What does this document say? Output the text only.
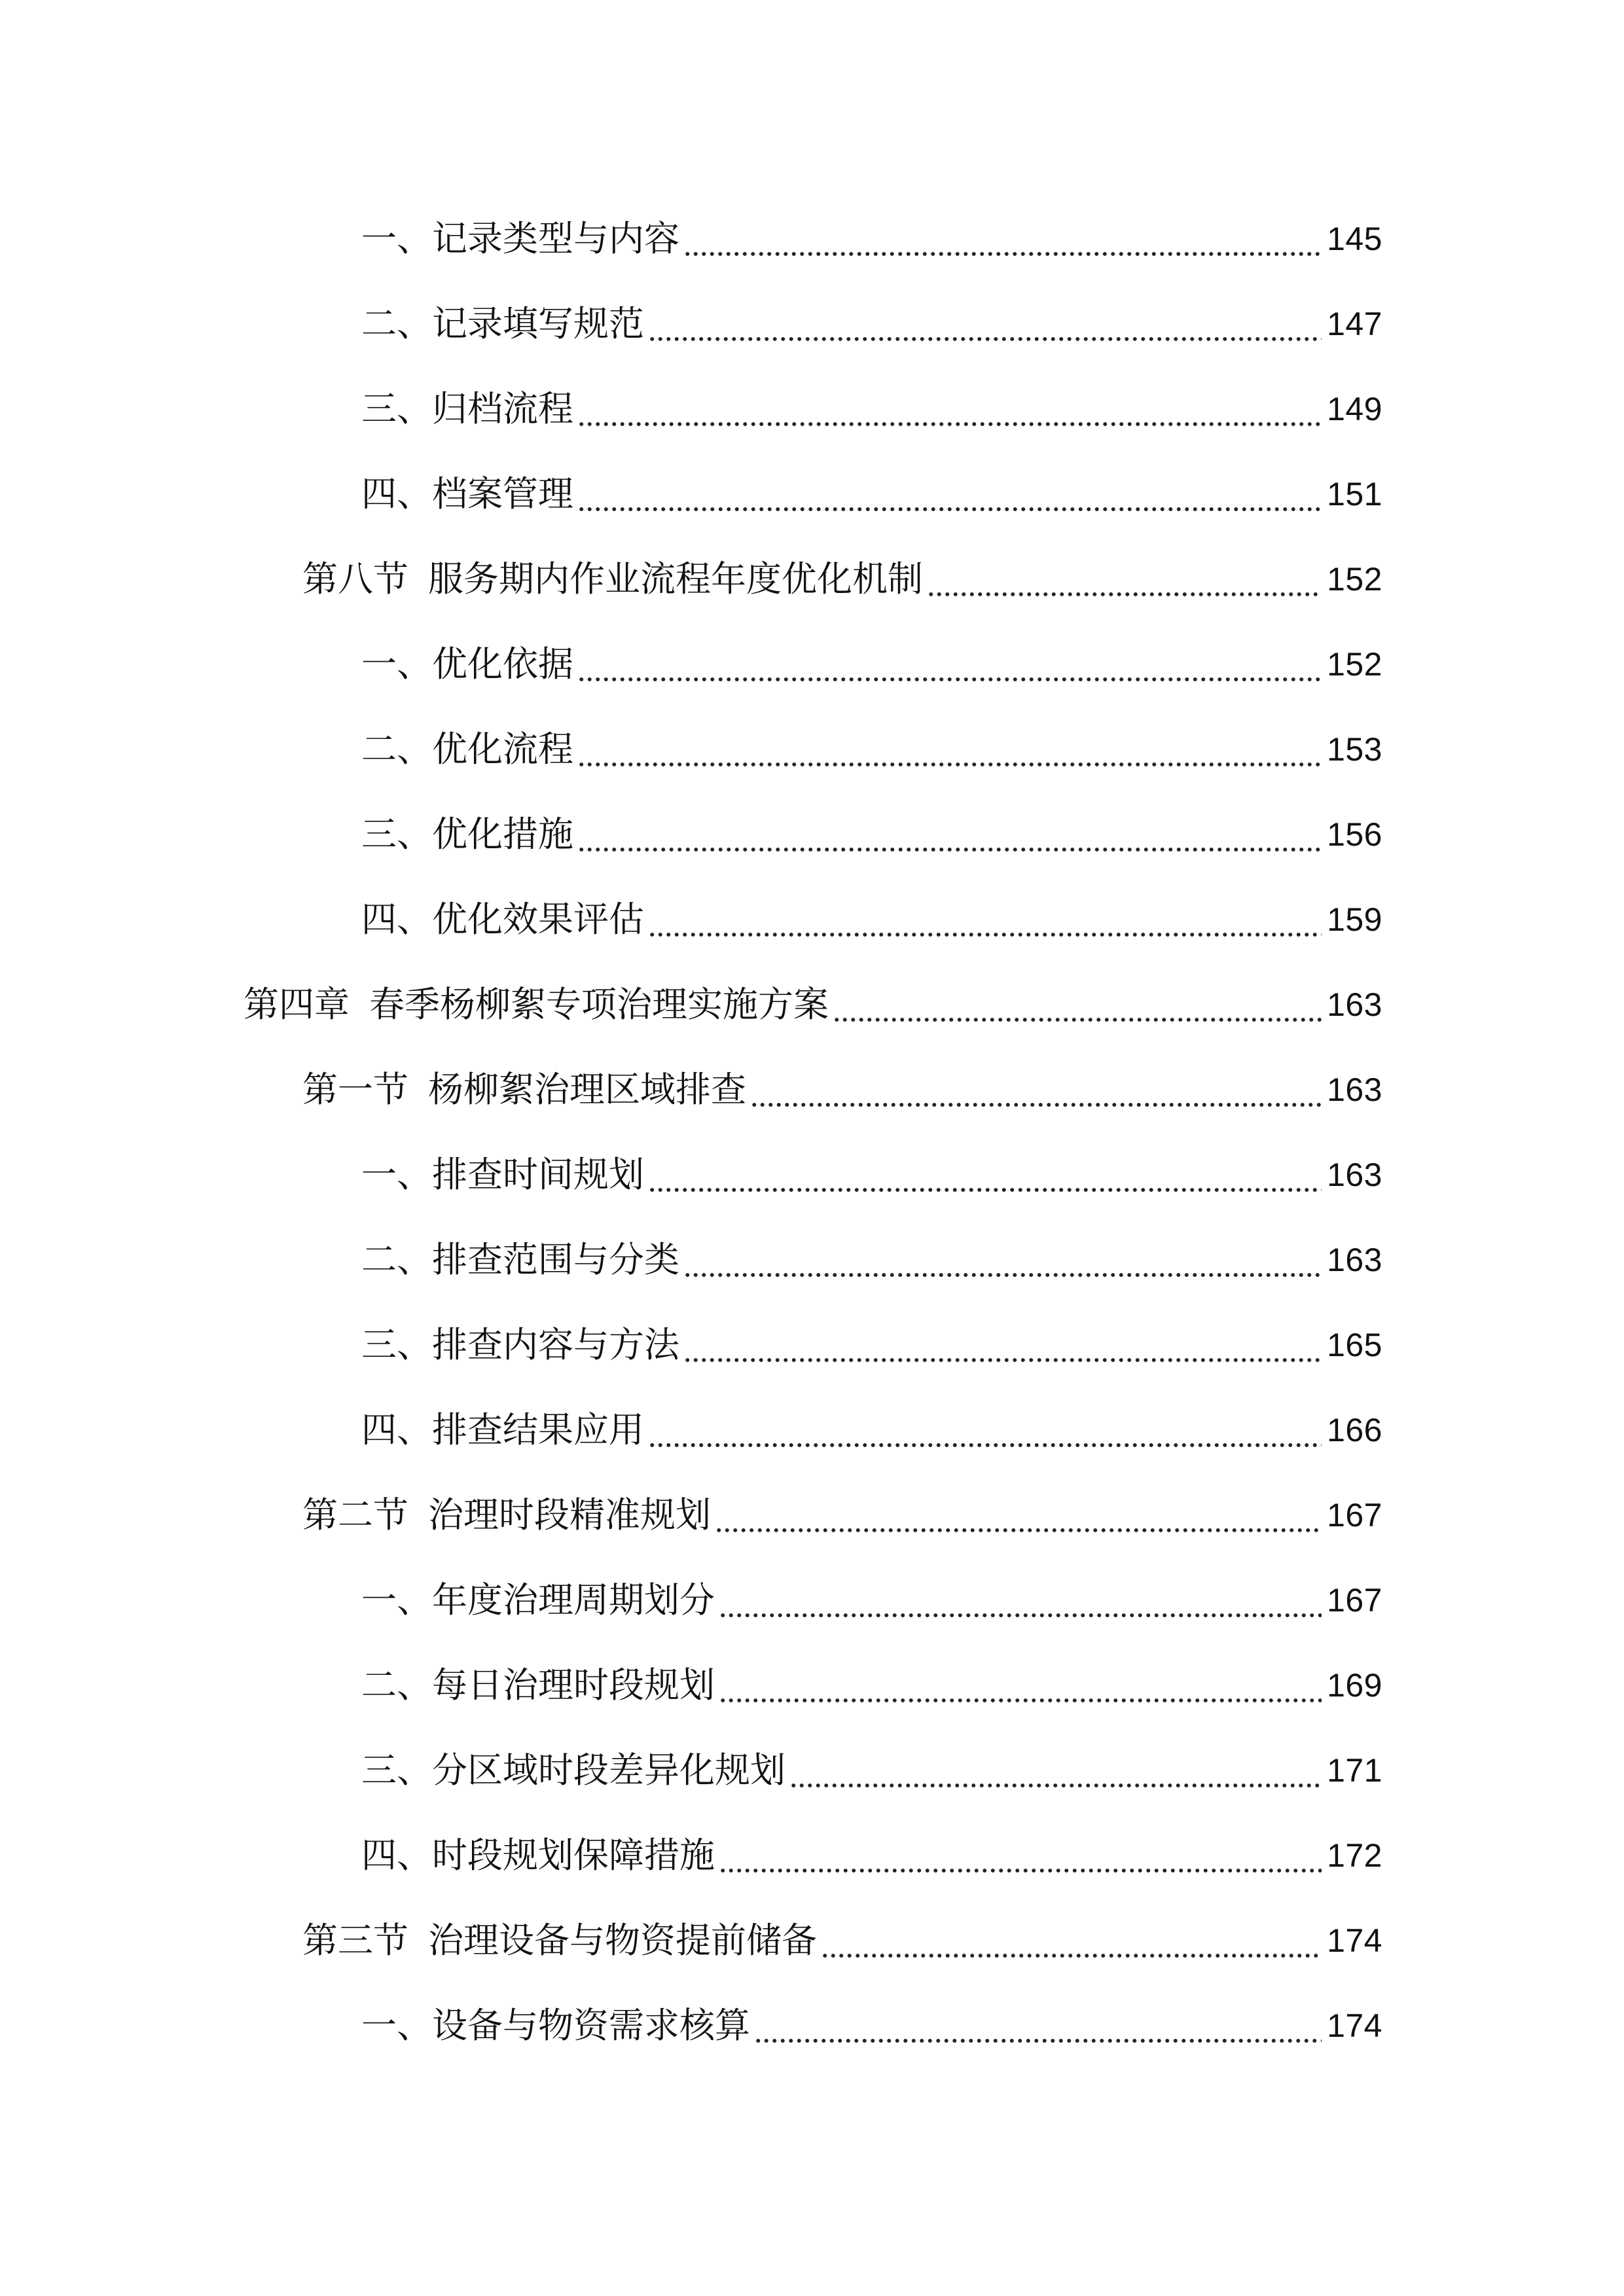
一、记录类型与内容	145
二、记录填写规范	147
三、归档流程	149
四、档案管理	151
第八节 服务期内作业流程年度优化机制	152
一、优化依据	152
二、优化流程	153
三、优化措施	156
四、优化效果评估	159
第四章 春季杨柳絮专项治理实施方案	163
第一节 杨柳絮治理区域排查	163
一、排查时间规划	163
二、排查范围与分类	163
三、排查内容与方法	165
四、排查结果应用	166
第二节 治理时段精准规划	167
一、年度治理周期划分	167
二、每日治理时段规划	169
三、分区域时段差异化规划	171
四、时段规划保障措施	172
第三节 治理设备与物资提前储备	174
一、设备与物资需求核算	174
